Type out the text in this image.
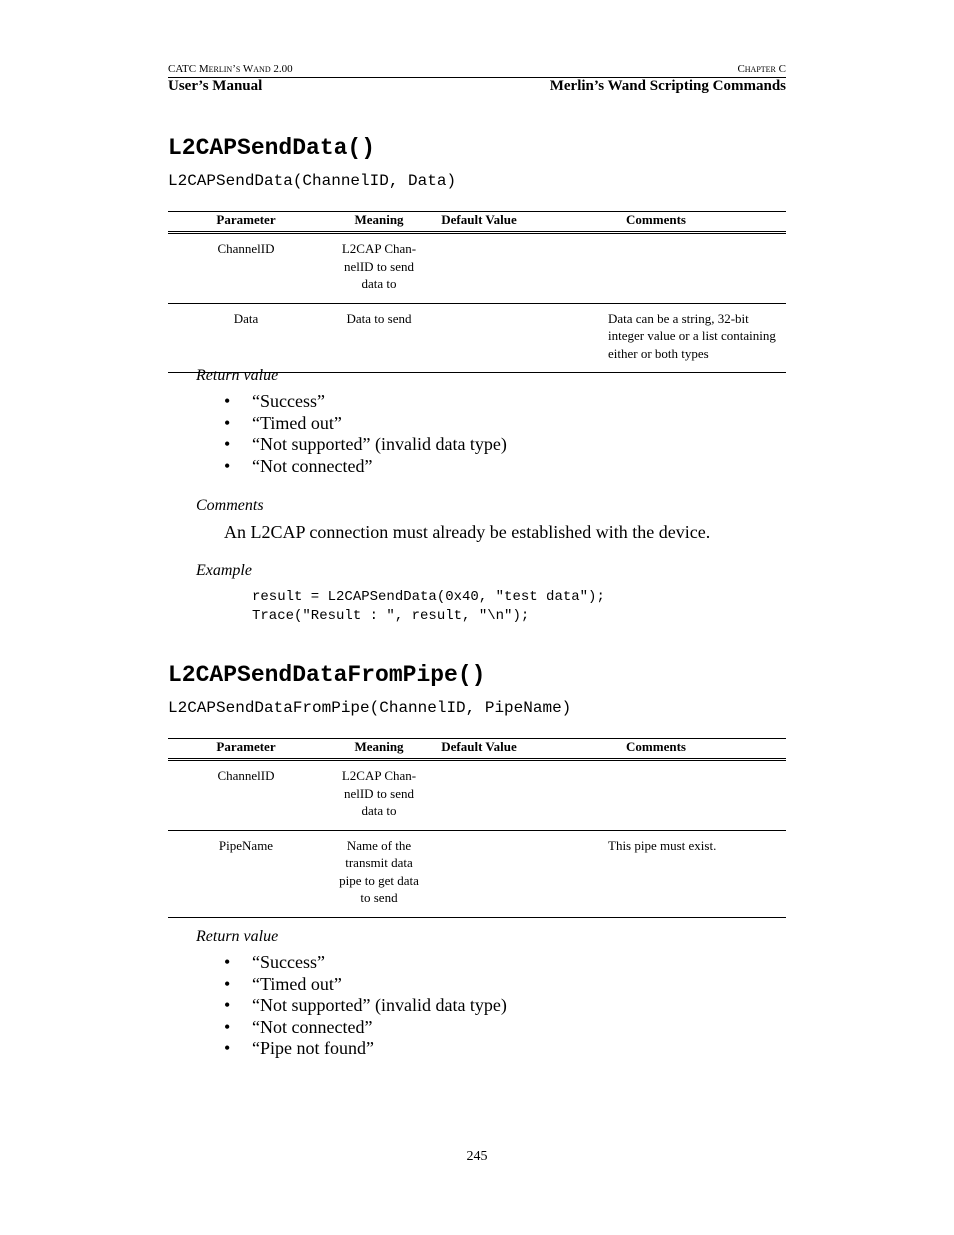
CATC Merlin’s Wand 2.00	Chapter C
User’s Manual	Merlin’s Wand Scripting Commands
L2CAPSendData()
L2CAPSendData(ChannelID, Data)
Parameter	Meaning	Default Value	Comments
ChannelID	L2CAP Chan-nelID to send data to		
Data	Data to send		Data can be a string, 32-bit integer value or a list containing either or both types
Return value
• “Success”
• “Timed out”
• “Not supported” (invalid data type)
• “Not connected”
Comments
An L2CAP connection must already be established with the device.
Example
result = L2CAPSendData(0x40, "test data");
Trace("Result : ", result, "\n");
L2CAPSendDataFromPipe()
L2CAPSendDataFromPipe(ChannelID, PipeName)
Parameter	Meaning	Default Value	Comments
ChannelID	L2CAP Chan-nelID to send data to		
PipeName	Name of the transmit data pipe to get data to send		This pipe must exist.
Return value
• “Success”
• “Timed out”
• “Not supported” (invalid data type)
• “Not connected”
• “Pipe not found”
245
